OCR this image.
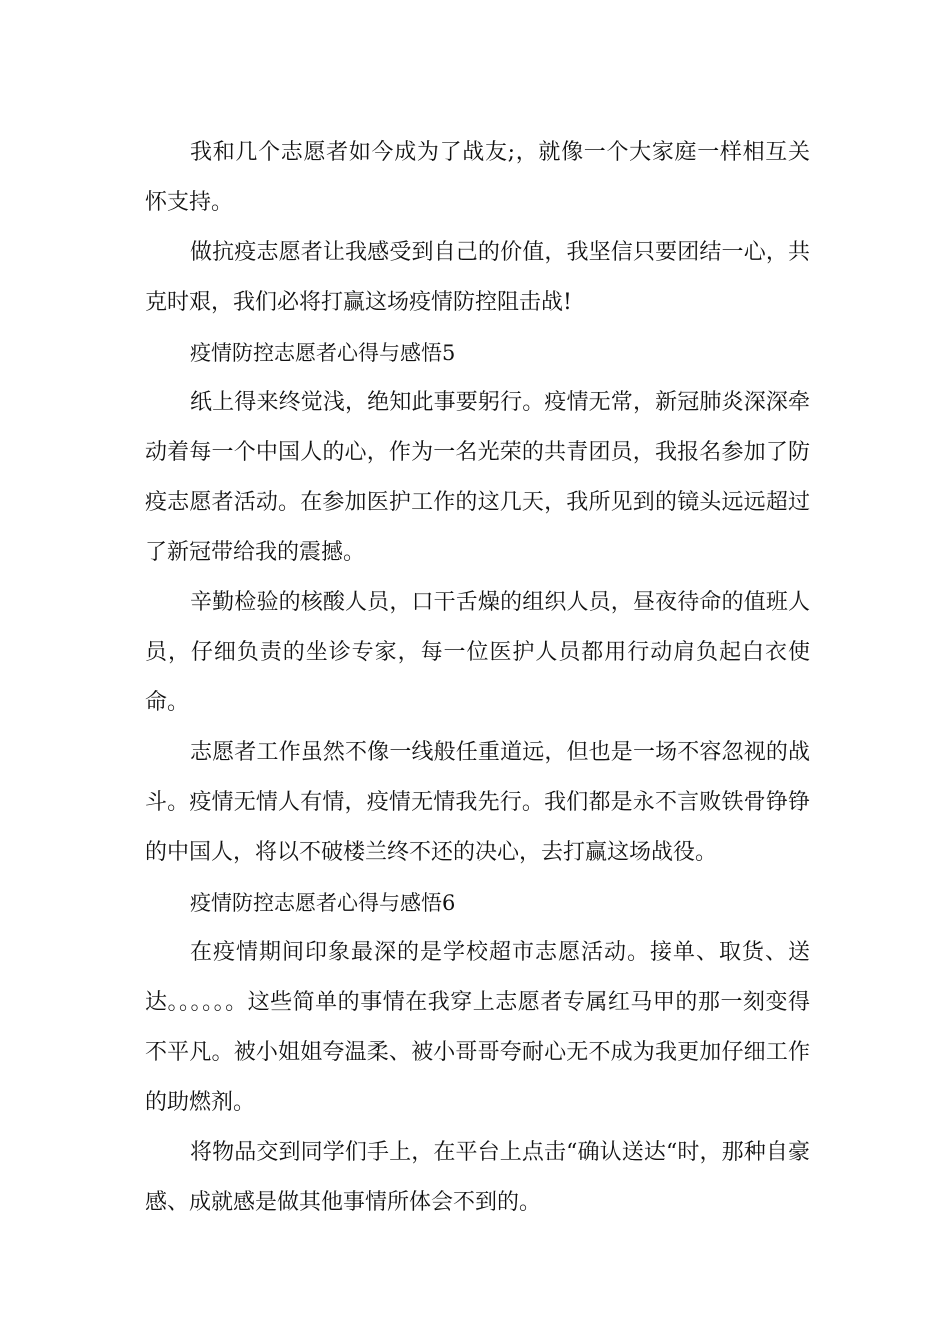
我和几个志愿者如今成为了战友;，就像一个大家庭一样相互关怀支持。

做抗疫志愿者让我感受到自己的价值，我坚信只要团结一心，共克时艰，我们必将打赢这场疫情防控阻击战!

疫情防控志愿者心得与感悟5

纸上得来终觉浅，绝知此事要躬行。疫情无常，新冠肺炎深深牵动着每一个中国人的心，作为一名光荣的共青团员，我报名参加了防疫志愿者活动。在参加医护工作的这几天，我所见到的镜头远远超过了新冠带给我的震撼。

辛勤检验的核酸人员，口干舌燥的组织人员，昼夜待命的值班人员，仔细负责的坐诊专家，每一位医护人员都用行动肩负起白衣使命。

志愿者工作虽然不像一线般任重道远，但也是一场不容忽视的战斗。疫情无情人有情，疫情无情我先行。我们都是永不言败铁骨铮铮的中国人，将以不破楼兰终不还的决心，去打赢这场战役。

疫情防控志愿者心得与感悟6

在疫情期间印象最深的是学校超市志愿活动。接单、取货、送达。。。。。。这些简单的事情在我穿上志愿者专属红马甲的那一刻变得不平凡。被小姐姐夸温柔、被小哥哥夸耐心无不成为我更加仔细工作的助燃剂。

将物品交到同学们手上，在平台上点击“确认送达“时，那种自豪感、成就感是做其他事情所体会不到的。
